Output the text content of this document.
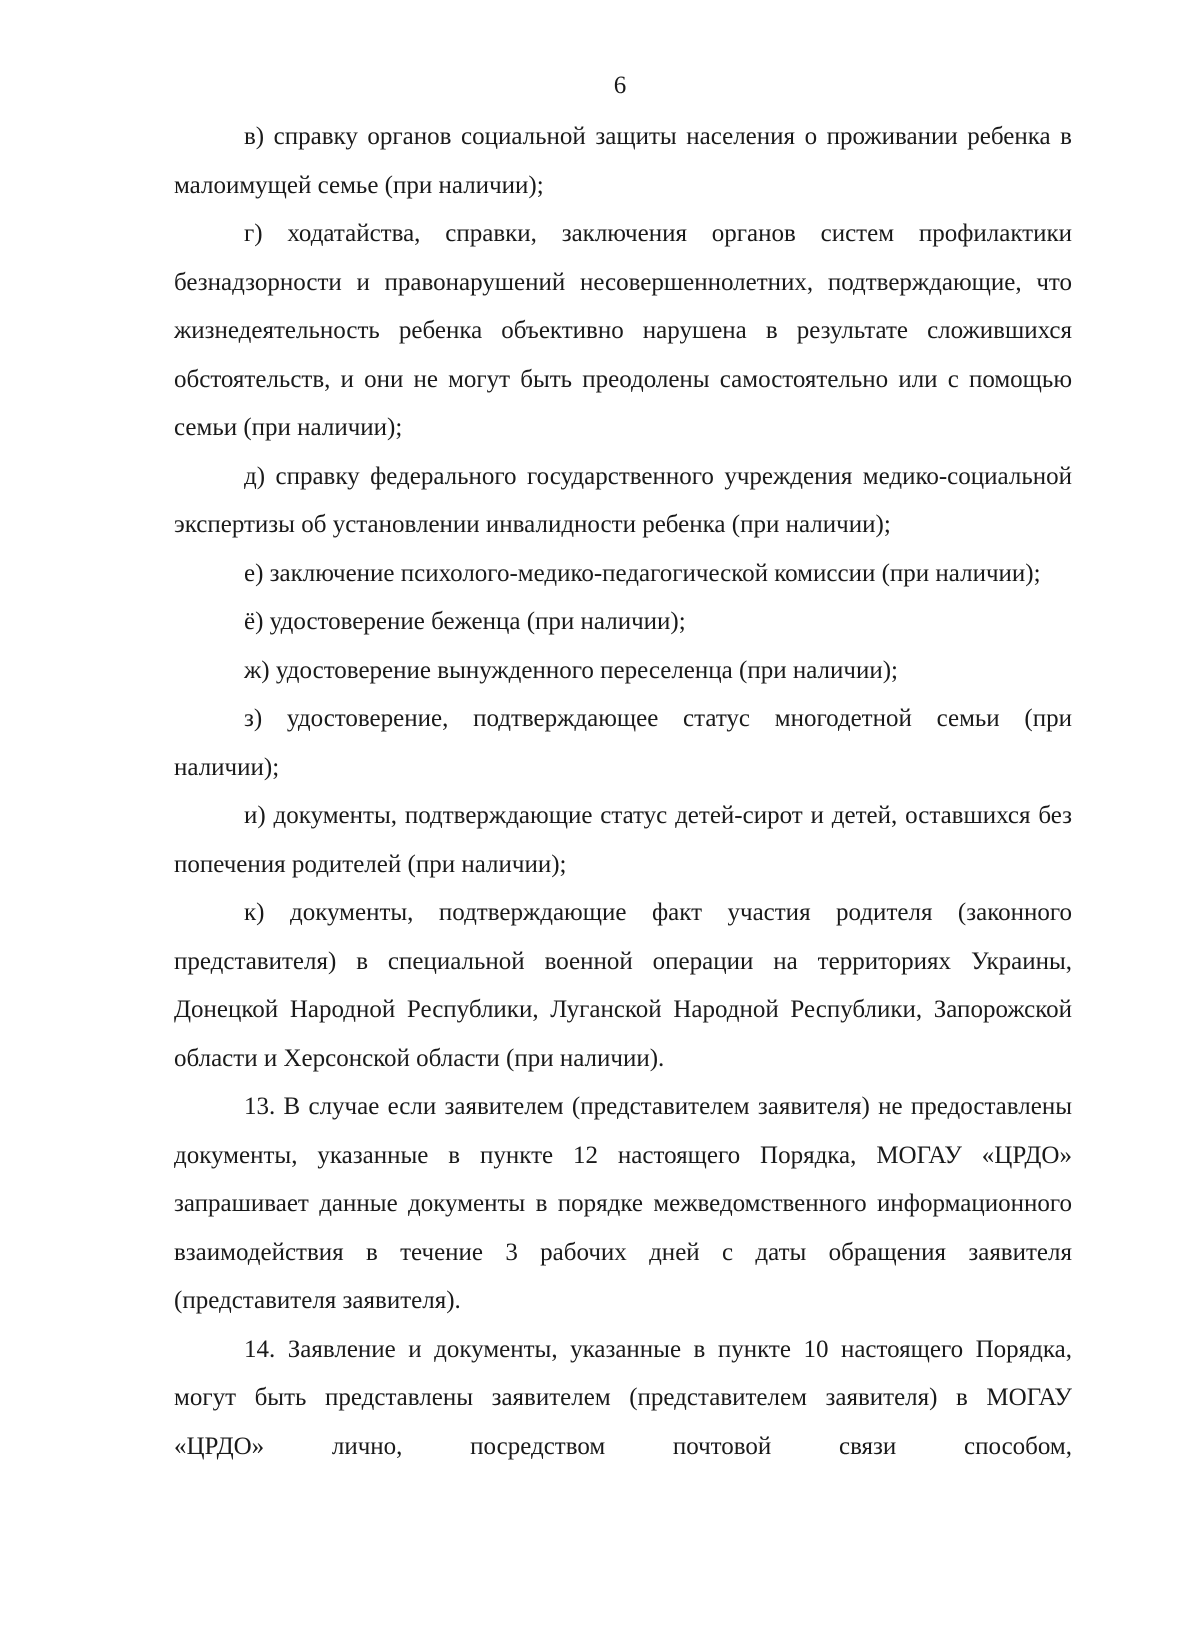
6

в) справку органов социальной защиты населения о проживании ребенка в малоимущей семье (при наличии);

г) ходатайства, справки, заключения органов систем профилактики безнадзорности и правонарушений несовершеннолетних, подтверждающие, что жизнедеятельность ребенка объективно нарушена в результате сложившихся обстоятельств, и они не могут быть преодолены самостоятельно или с помощью семьи (при наличии);

д) справку федерального государственного учреждения медико-социальной экспертизы об установлении инвалидности ребенка (при наличии);

е) заключение психолого-медико-педагогической комиссии (при наличии);

ё) удостоверение беженца (при наличии);

ж) удостоверение вынужденного переселенца (при наличии);

з) удостоверение, подтверждающее статус многодетной семьи (при наличии);

и) документы, подтверждающие статус детей-сирот и детей, оставшихся без попечения родителей (при наличии);

к) документы, подтверждающие факт участия родителя (законного представителя) в специальной военной операции на территориях Украины, Донецкой Народной Республики, Луганской Народной Республики, Запорожской области и Херсонской области (при наличии).

13. В случае если заявителем (представителем заявителя) не предоставлены документы, указанные в пункте 12 настоящего Порядка, МОГАУ «ЦРДО» запрашивает данные документы в порядке межведомственного информационного взаимодействия в течение 3 рабочих дней с даты обращения заявителя (представителя заявителя).

14. Заявление и документы, указанные в пункте 10 настоящего Порядка, могут быть представлены заявителем (представителем заявителя) в МОГАУ «ЦРДО» лично, посредством почтовой связи способом,
